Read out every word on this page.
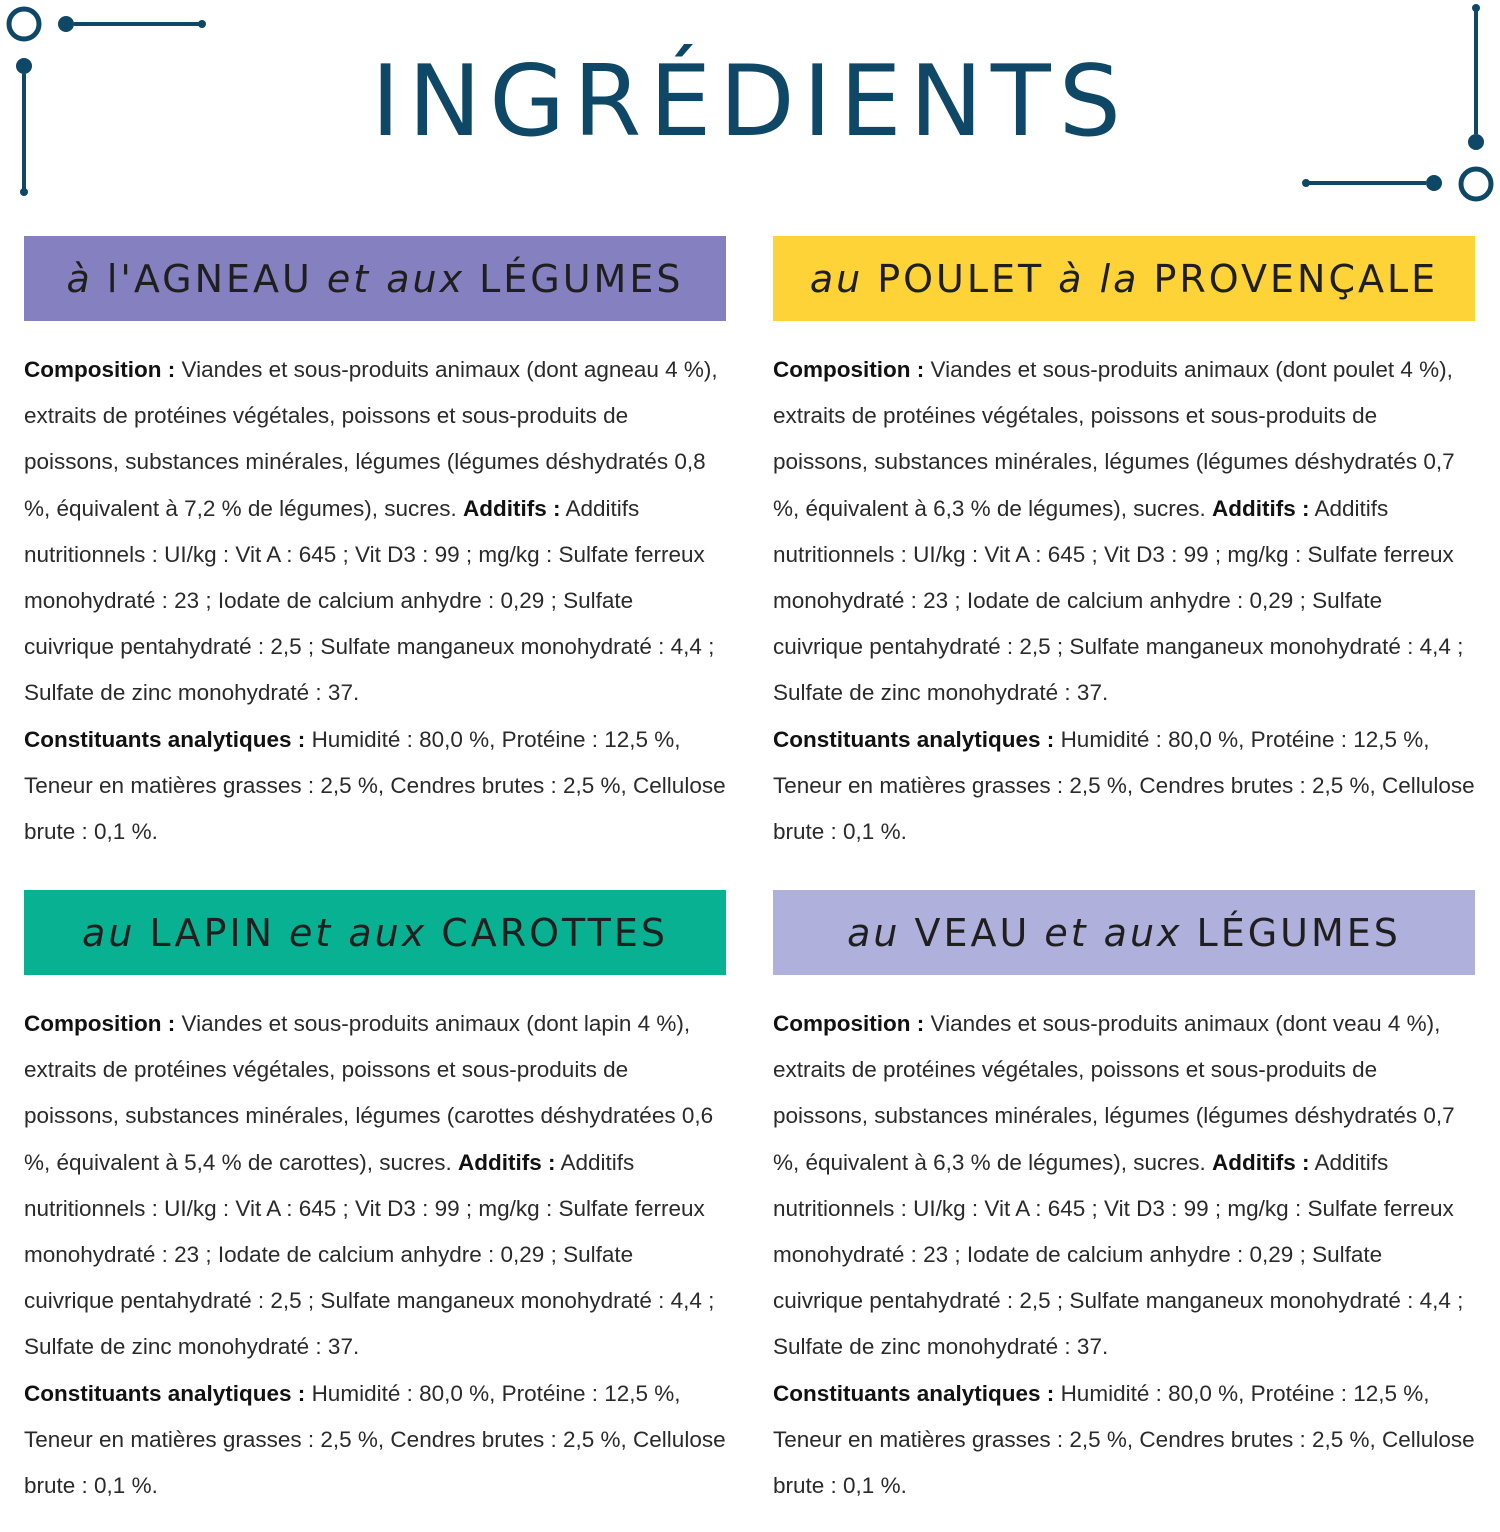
INGRÉDIENTS
à l'AGNEAU et aux LÉGUMES

Composition : Viandes et sous-produits animaux (dont agneau 4 %), extraits de protéines végétales, poissons et sous-produits de poissons, substances minérales, légumes (légumes déshydratés 0,8 %, équivalent à 7,2 % de légumes), sucres. Additifs : Additifs nutritionnels : UI/kg : Vit A : 645 ; Vit D3 : 99 ; mg/kg : Sulfate ferreux monohydraté : 23 ; Iodate de calcium anhydre : 0,29 ; Sulfate cuivrique pentahydraté : 2,5 ; Sulfate manganeux monohydraté : 4,4 ; Sulfate de zinc monohydraté : 37.
Constituants analytiques : Humidité : 80,0 %, Protéine : 12,5 %, Teneur en matières grasses : 2,5 %, Cendres brutes : 2,5 %, Cellulose brute : 0,1 %.

au POULET à la PROVENÇALE

Composition : Viandes et sous-produits animaux (dont poulet 4 %), extraits de protéines végétales, poissons et sous-produits de poissons, substances minérales, légumes (légumes déshydratés 0,7 %, équivalent à 6,3 % de légumes), sucres. Additifs : Additifs nutritionnels : UI/kg : Vit A : 645 ; Vit D3 : 99 ; mg/kg : Sulfate ferreux monohydraté : 23 ; Iodate de calcium anhydre : 0,29 ; Sulfate cuivrique pentahydraté : 2,5 ; Sulfate manganeux monohydraté : 4,4 ; Sulfate de zinc monohydraté : 37.
Constituants analytiques : Humidité : 80,0 %, Protéine : 12,5 %, Teneur en matières grasses : 2,5 %, Cendres brutes : 2,5 %, Cellulose brute : 0,1 %.

au LAPIN et aux CAROTTES

Composition : Viandes et sous-produits animaux (dont lapin 4 %), extraits de protéines végétales, poissons et sous-produits de poissons, substances minérales, légumes (carottes déshydratées 0,6 %, équivalent à 5,4 % de carottes), sucres. Additifs : Additifs nutritionnels : UI/kg : Vit A : 645 ; Vit D3 : 99 ; mg/kg : Sulfate ferreux monohydraté : 23 ; Iodate de calcium anhydre : 0,29 ; Sulfate cuivrique pentahydraté : 2,5 ; Sulfate manganeux monohydraté : 4,4 ; Sulfate de zinc monohydraté : 37.
Constituants analytiques : Humidité : 80,0 %, Protéine : 12,5 %, Teneur en matières grasses : 2,5 %, Cendres brutes : 2,5 %, Cellulose brute : 0,1 %.

au VEAU et aux LÉGUMES

Composition : Viandes et sous-produits animaux (dont veau 4 %), extraits de protéines végétales, poissons et sous-produits de poissons, substances minérales, légumes (légumes déshydratés 0,7 %, équivalent à 6,3 % de légumes), sucres. Additifs : Additifs nutritionnels : UI/kg : Vit A : 645 ; Vit D3 : 99 ; mg/kg : Sulfate ferreux monohydraté : 23 ; Iodate de calcium anhydre : 0,29 ; Sulfate cuivrique pentahydraté : 2,5 ; Sulfate manganeux monohydraté : 4,4 ; Sulfate de zinc monohydraté : 37.
Constituants analytiques : Humidité : 80,0 %, Protéine : 12,5 %, Teneur en matières grasses : 2,5 %, Cendres brutes : 2,5 %, Cellulose brute : 0,1 %.
